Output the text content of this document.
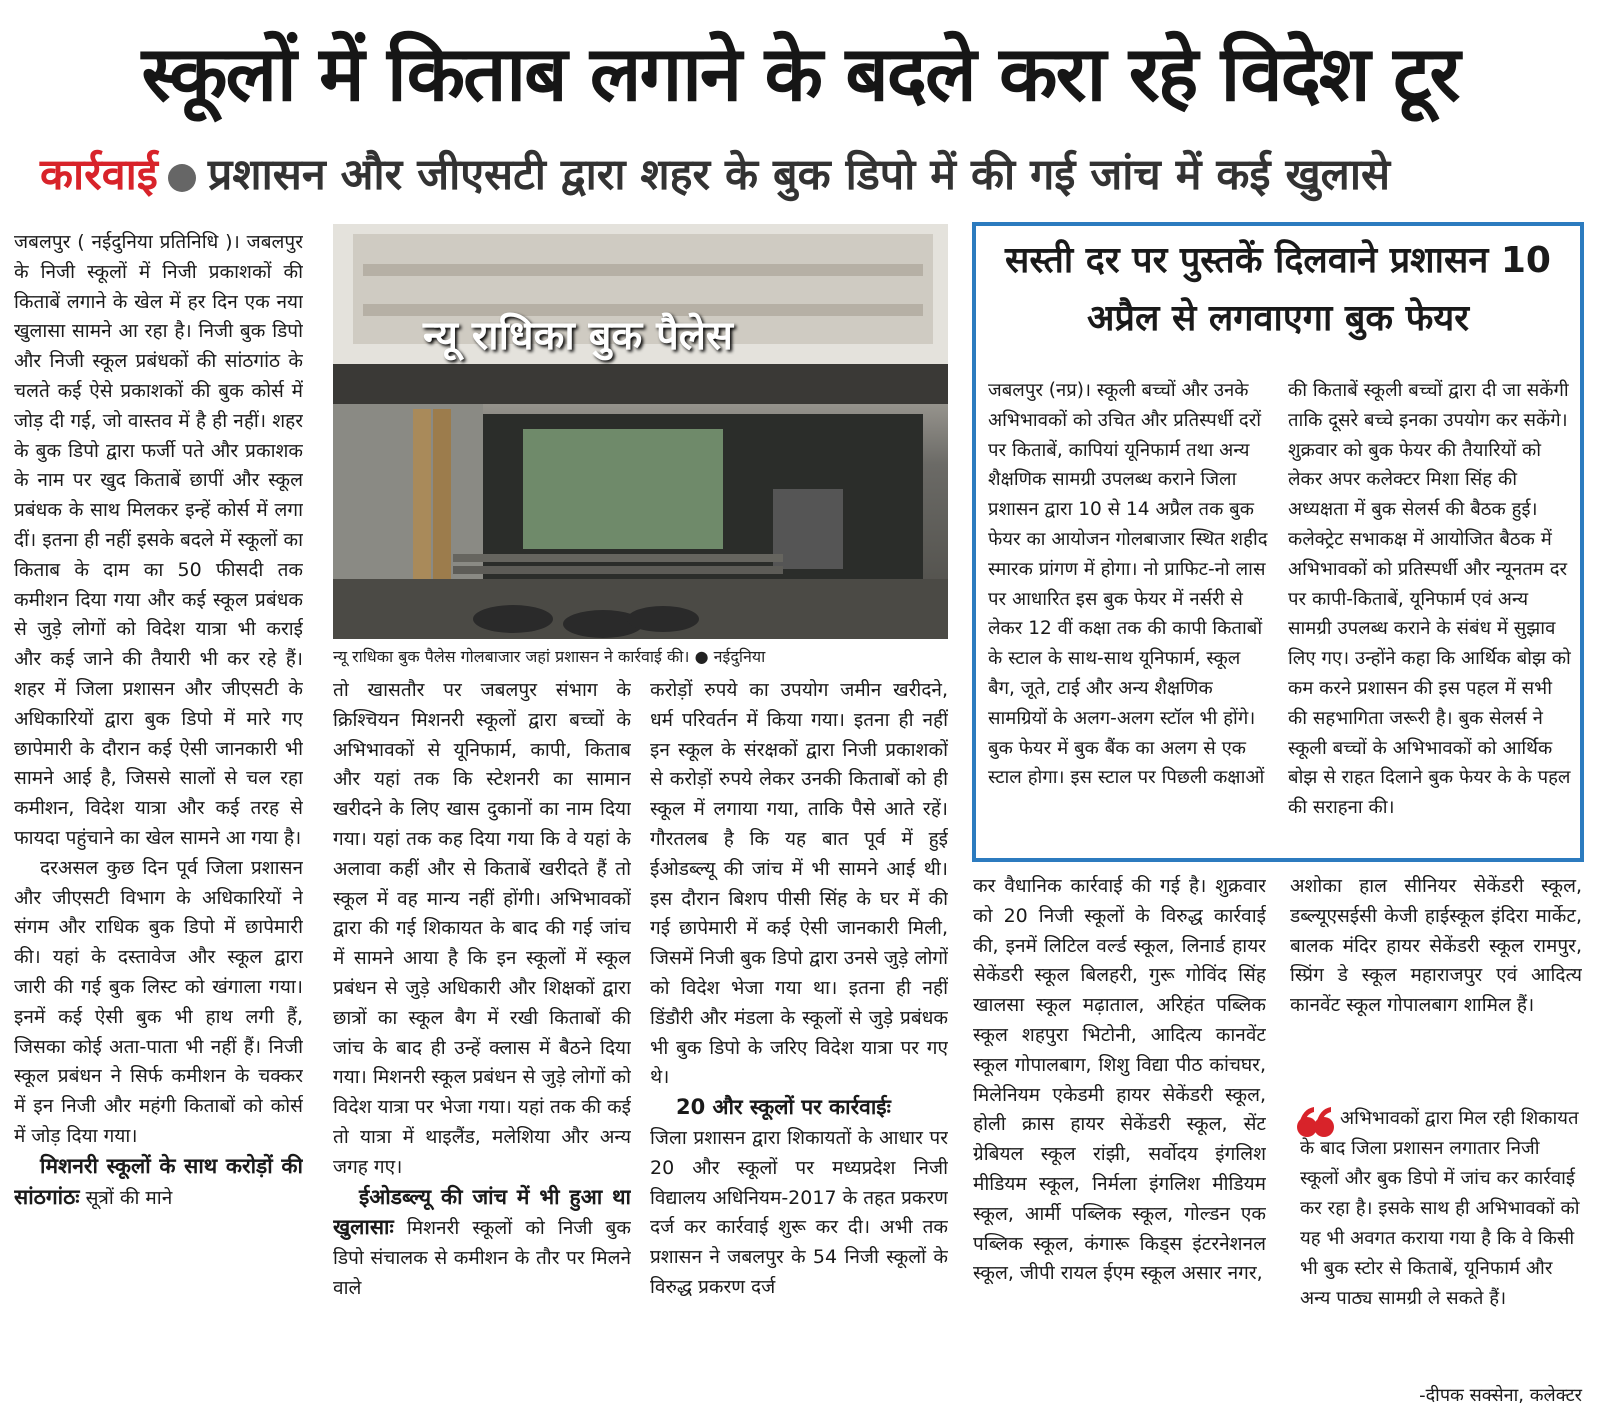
स्कूलों में किताब लगाने के बदले करा रहे विदेश टूर
कार्रवाई प्रशासन और जीएसटी द्वारा शहर के बुक डिपो में की गई जांच में कई खुलासे

जबलपुर ( नईदुनिया प्रतिनिधि )। जबलपुर के निजी स्कूलों में निजी प्रकाशकों की किताबें लगाने के खेल में हर दिन एक नया खुलासा सामने आ रहा है। निजी बुक डिपो और निजी स्कूल प्रबंधकों की सांठगांठ के चलते कई ऐसे प्रकाशकों की बुक कोर्स में जोड़ दी गई, जो वास्तव में है ही नहीं। शहर के बुक डिपो द्वारा फर्जी पते और प्रकाशक के नाम पर खुद किताबें छापीं और स्कूल प्रबंधक के साथ मिलकर इन्हें कोर्स में लगा दीं। इतना ही नहीं इसके बदले में स्कूलों का किताब के दाम का 50 फीसदी तक कमीशन दिया गया और कई स्कूल प्रबंधक से जुड़े लोगों को विदेश यात्रा भी कराई और कई जाने की तैयारी भी कर रहे हैं। शहर में जिला प्रशासन और जीएसटी के अधिकारियों द्वारा बुक डिपो में मारे गए छापेमारी के दौरान कई ऐसी जानकारी भी सामने आई है, जिससे सालों से चल रहा कमीशन, विदेश यात्रा और कई तरह से फायदा पहुंचाने का खेल सामने आ गया है।

दरअसल कुछ दिन पूर्व जिला प्रशासन और जीएसटी विभाग के अधिकारियों ने संगम और राधिक बुक डिपो में छापेमारी की। यहां के दस्तावेज और स्कूल द्वारा जारी की गई बुक लिस्ट को खंगाला गया। इनमें कई ऐसी बुक भी हाथ लगी हैं, जिसका कोई अता-पाता भी नहीं हैं। निजी स्कूल प्रबंधन ने सिर्फ कमीशन के चक्कर में इन निजी और महंगी किताबों को कोर्स में जोड़ दिया गया।

मिशनरी स्कूलों के साथ करोड़ों की सांठगांठः सूत्रों की माने

न्यू राधिका बुक पैलेस
न्यू राधिका बुक पैलेस गोलबाजार जहां प्रशासन ने कार्रवाई की। ● नईदुनिया

तो खासतौर पर जबलपुर संभाग के क्रिश्चियन मिशनरी स्कूलों द्वारा बच्चों के अभिभावकों से यूनिफार्म, कापी, किताब और यहां तक कि स्टेशनरी का सामान खरीदने के लिए खास दुकानों का नाम दिया गया। यहां तक कह दिया गया कि वे यहां के अलावा कहीं और से किताबें खरीदते हैं तो स्कूल में वह मान्य नहीं होंगी। अभिभावकों द्वारा की गई शिकायत के बाद की गई जांच में सामने आया है कि इन स्कूलों में स्कूल प्रबंधन से जुड़े अधिकारी और शिक्षकों द्वारा छात्रों का स्कूल बैग में रखी किताबों की जांच के बाद ही उन्हें क्लास में बैठने दिया गया। मिशनरी स्कूल प्रबंधन से जुड़े लोगों को विदेश यात्रा पर भेजा गया। यहां तक की कई तो यात्रा में थाइलैंड, मलेशिया और अन्य जगह गए।

ईओडब्ल्यू की जांच में भी हुआ था खुलासाः मिशनरी स्कूलों को निजी बुक डिपो संचालक से कमीशन के तौर पर मिलने वाले

करोड़ों रुपये का उपयोग जमीन खरीदने, धर्म परिवर्तन में किया गया। इतना ही नहीं इन स्कूल के संरक्षकों द्वारा निजी प्रकाशकों से करोड़ों रुपये लेकर उनकी किताबों को ही स्कूल में लगाया गया, ताकि पैसे आते रहें। गौरतलब है कि यह बात पूर्व में हुई ईओडब्ल्यू की जांच में भी सामने आई थी। इस दौरान बिशप पीसी सिंह के घर में की गई छापेमारी में कई ऐसी जानकारी मिली, जिसमें निजी बुक डिपो द्वारा उनसे जुड़े लोगों को विदेश भेजा गया था। इतना ही नहीं डिंडौरी और मंडला के स्कूलों से जुड़े प्रबंधक भी बुक डिपो के जरिए विदेश यात्रा पर गए थे।

20 और स्कूलों पर कार्रवाईः

जिला प्रशासन द्वारा शिकायतों के आधार पर 20 और स्कूलों पर मध्यप्रदेश निजी विद्यालय अधिनियम-2017 के तहत प्रकरण दर्ज कर कार्रवाई शुरू कर दी। अभी तक प्रशासन ने जबलपुर के 54 निजी स्कूलों के विरुद्ध प्रकरण दर्ज

सस्ती दर पर पुस्तकें दिलवाने प्रशासन 10 अप्रैल से लगवाएगा बुक फेयर

जबलपुर (नप्र)। स्कूली बच्चों और उनके अभिभावकों को उचित और प्रतिस्पर्धी दरों पर किताबें, कापियां यूनिफार्म तथा अन्य शैक्षणिक सामग्री उपलब्ध कराने जिला प्रशासन द्वारा 10 से 14 अप्रैल तक बुक फेयर का आयोजन गोलबाजार स्थित शहीद स्मारक प्रांगण में होगा। नो प्राफिट-नो लास पर आधारित इस बुक फेयर में नर्सरी से लेकर 12 वीं कक्षा तक की कापी किताबों के स्टाल के साथ-साथ यूनिफार्म, स्कूल बैग, जूते, टाई और अन्य शैक्षणिक सामग्रियों के अलग-अलग स्टॉल भी होंगे। बुक फेयर में बुक बैंक का अलग से एक स्टाल होगा। इस स्टाल पर पिछली कक्षाओं

की किताबें स्कूली बच्चों द्वारा दी जा सकेंगी ताकि दूसरे बच्चे इनका उपयोग कर सकेंगे। शुक्रवार को बुक फेयर की तैयारियों को लेकर अपर कलेक्टर मिशा सिंह की अध्यक्षता में बुक सेलर्स की बैठक हुई। कलेक्ट्रेट सभाकक्ष में आयोजित बैठक में अभिभावकों को प्रतिस्पर्धी और न्यूनतम दर पर कापी-किताबें, यूनिफार्म एवं अन्य सामग्री उपलब्ध कराने के संबंध में सुझाव लिए गए। उन्होंने कहा कि आर्थिक बोझ को कम करने प्रशासन की इस पहल में सभी की सहभागिता जरूरी है। बुक सेलर्स ने स्कूली बच्चों के अभिभावकों को आर्थिक बोझ से राहत दिलाने बुक फेयर के के पहल की सराहना की।

कर वैधानिक कार्रवाई की गई है। शुक्रवार को 20 निजी स्कूलों के विरुद्ध कार्रवाई की, इनमें लिटिल वर्ल्ड स्कूल, लिनार्ड हायर सेकेंडरी स्कूल बिलहरी, गुरू गोविंद सिंह खालसा स्कूल मढ़ाताल, अरिहंत पब्लिक स्कूल शहपुरा भिटोनी, आदित्य कानवेंट स्कूल गोपालबाग, शिशु विद्या पीठ कांचघर, मिलेनियम एकेडमी हायर सेकेंडरी स्कूल, होली क्रास हायर सेकेंडरी स्कूल, सेंट ग्रेबियल स्कूल रांझी, सर्वोदय इंगलिश मीडियम स्कूल, निर्मला इंगलिश मीडियम स्कूल, आर्मी पब्लिक स्कूल, गोल्डन एक पब्लिक स्कूल, कंगारू किड्स इंटरनेशनल स्कूल, जीपी रायल ईएम स्कूल असार नगर,

अशोका हाल सीनियर सेकेंडरी स्कूल, डब्ल्यूएसईसी केजी हाईस्कूल इंदिरा मार्केट, बालक मंदिर हायर सेकेंडरी स्कूल रामपुर, स्प्रिंग डे स्कूल महाराजपुर एवं आदित्य कानवेंट स्कूल गोपालबाग शामिल हैं।

अभिभावकों द्वारा मिल रही शिकायत के बाद जिला प्रशासन लगातार निजी स्कूलों और बुक डिपो में जांच कर कार्रवाई कर रहा है। इसके साथ ही अभिभावकों को यह भी अवगत कराया गया है कि वे किसी भी बुक स्टोर से किताबें, यूनिफार्म और अन्य पाठ्य सामग्री ले सकते हैं।

-दीपक सक्सेना, कलेक्टर
